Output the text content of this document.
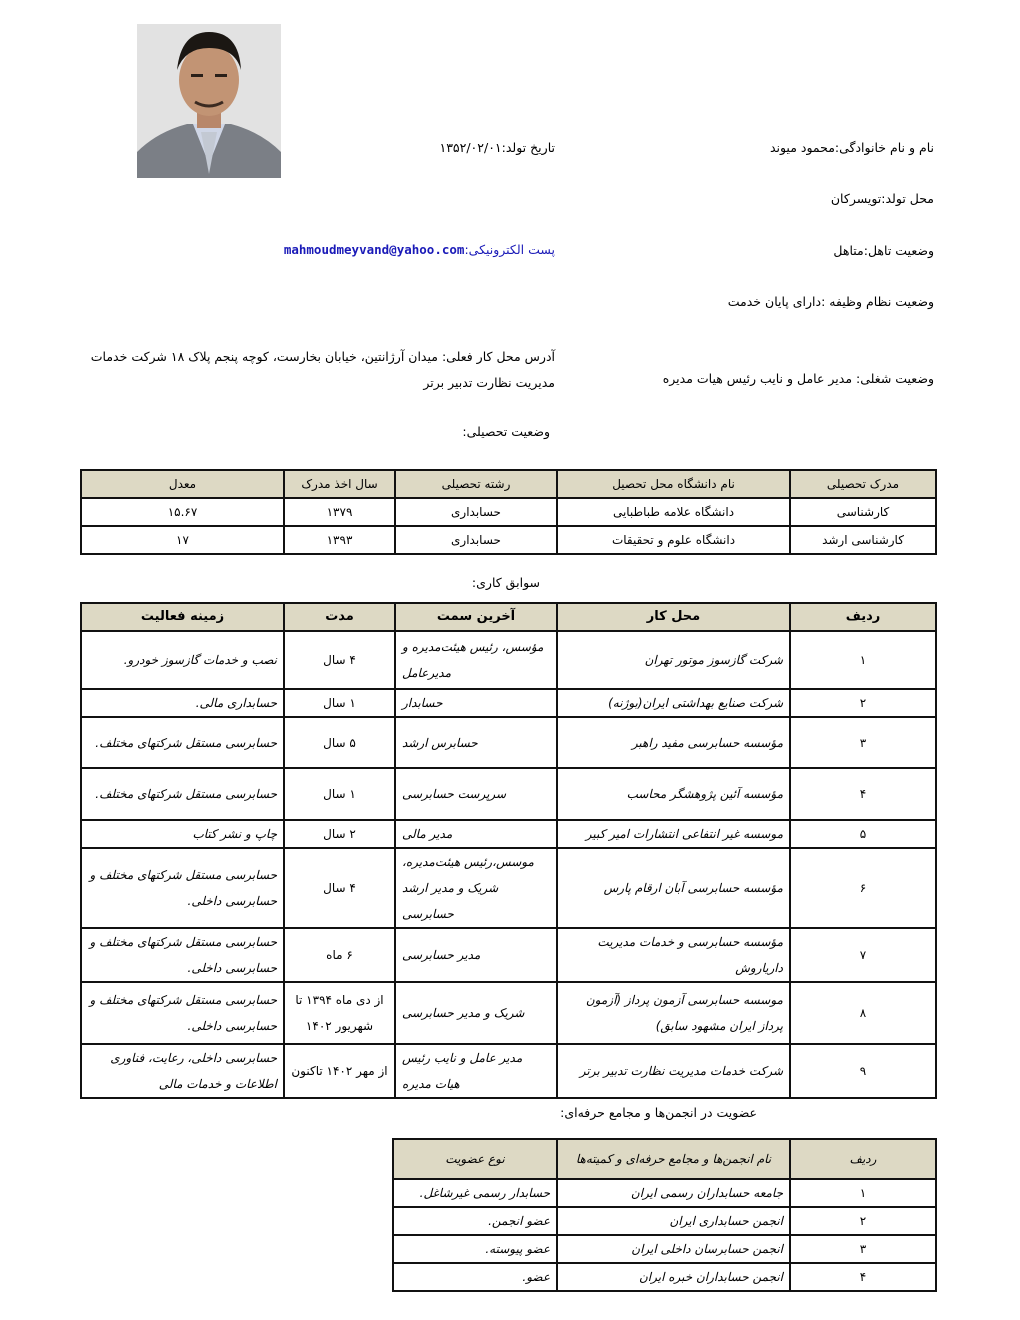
نام و نام خانوادگی:محمود میوند
تاریخ تولد:۱۳۵۲/۰۲/۰۱
محل تولد:تویسرکان
وضعیت تاهل:متاهل
پست الکترونیکی:mahmoudmeyvand@yahoo.com
وضعیت نظام وظیفه :دارای پایان خدمت
آدرس محل کار فعلی: میدان آرژانتین، خیابان بخارست، کوچه پنجم پلاک ۱۸ شرکت خدمات مدیریت نظارت تدبیر برتر	وضعیت شغلی: مدیر عامل و نایب رئیس هیات مدیره
وضعیت تحصیلی:
مدرک تحصیلی	نام دانشگاه محل تحصیل	رشته تحصیلی	سال اخذ مدرک	معدل
کارشناسی	دانشگاه علامه طباطبایی	حسابداری	۱۳۷۹	۱۵.۶۷
کارشناسی ارشد	دانشگاه علوم و تحقیقات	حسابداری	۱۳۹۳	۱۷
سوابق کاری:
ردیف	محل کار	آخرین سمت	مدت	زمینه فعالیت
۱	شرکت گازسوز موتور تهران	مؤسس، رئیس هیئت‌مدیره و مدیرعامل	۴ سال	نصب و خدمات گازسوز خودرو.
۲	شرکت صنایع بهداشتی ایران(بوژنه)	حسابدار	۱ سال	حسابداری مالی.
۳	مؤسسه حسابرسی مفید راهبر	حسابرس ارشد	۵ سال	حسابرسی مستقل شرکتهای مختلف.
۴	مؤسسه آئین پژوهشگر محاسب	سرپرست حسابرسی	۱ سال	حسابرسی مستقل شرکتهای مختلف.
۵	موسسه غیر انتفاعی انتشارات امیر کبیر	مدیر مالی	۲ سال	چاپ و نشر کتاب
۶	مؤسسه حسابرسی آبان ارقام پارس	موسس،رئیس هیئت‌مدیره، شریک و مدیر ارشد حسابرسی	۴ سال	حسابرسی مستقل شرکتهای مختلف و حسابرسی داخلی.
۷	مؤسسه حسابرسی و خدمات مدیریت داریاروش	مدیر حسابرسی	۶ ماه	حسابرسی مستقل شرکتهای مختلف و حسابرسی داخلی.
۸	موسسه حسابرسی آزمون پرداز (آزمون پرداز ایران مشهود سابق)	شریک و مدیر حسابرسی	از دی ماه ۱۳۹۴ تا شهریور ۱۴۰۲	حسابرسی مستقل شرکتهای مختلف و حسابرسی داخلی.
۹	شرکت خدمات مدیریت نظارت تدبیر برتر	مدیر عامل و نایب رئیس هیات مدیره	از مهر ۱۴۰۲ تاکنون	حسابرسی داخلی، رعایت، فناوری اطلاعات و خدمات مالی
عضویت در انجمن‌ها و مجامع حرفه‌ای:
ردیف	نام انجمن‌ها و مجامع حرفه‌ای و کمیته‌ها	نوع عضویت
۱	جامعه حسابداران رسمی ایران	حسابدار رسمی غیرشاغل.
۲	انجمن حسابداری ایران	عضو انجمن.
۳	انجمن حسابرسان داخلی ایران	عضو پیوسته.
۴	انجمن حسابداران خبره ایران	عضو.
